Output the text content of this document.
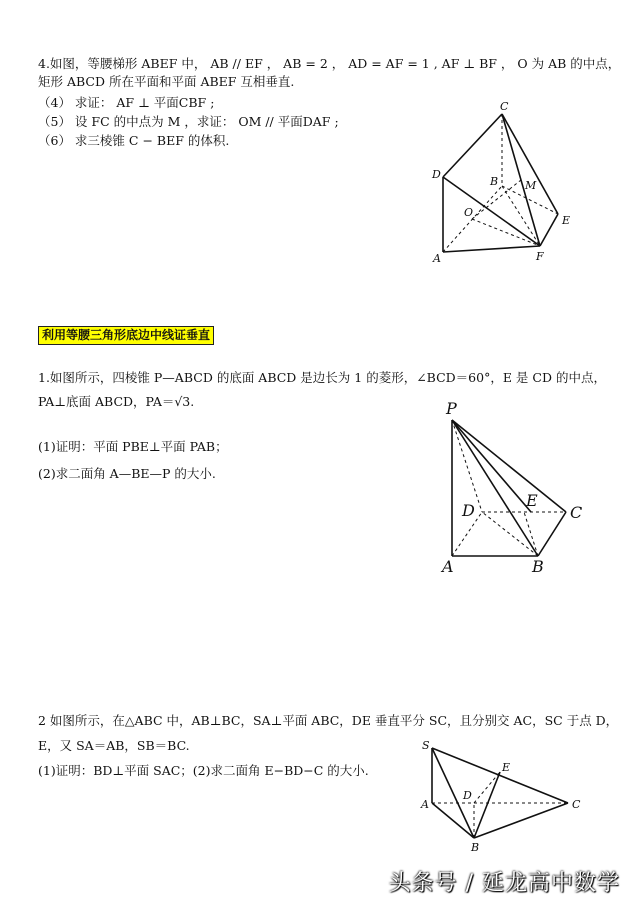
4.如图，等腰梯形 ABEF 中， AB // EF ， AB = 2 ， AD = AF = 1 , AF ⊥ BF ， O 为 AB 的中点，
矩形 ABCD 所在平面和平面 ABEF 互相垂直.
（4） 求证： AF ⊥ 平面CBF ;
（5） 设 FC 的中点为 M ，求证： OM // 平面DAF ;
（6） 求三棱锥 C − BEF 的体积.
C
D
B M
O
E
A	F
P
D
E
C
A	B
S
E
D
A	C
B
利用等腰三角形底边中线证垂直
1.如图所示，四棱锥 P—ABCD 的底面 ABCD 是边长为 1 的菱形，∠BCD＝60°，E 是 CD 的中点，
PA⊥底面 ABCD，PA＝√3.
(1)证明：平面 PBE⊥平面 PAB；
(2)求二面角 A—BE—P 的大小.
2 如图所示，在△ABC 中，AB⊥BC，SA⊥平面 ABC，DE 垂直平分 SC，且分别交 AC，SC 于点 D，
E，又 SA＝AB，SB＝BC.
(1)证明：BD⊥平面 SAC；(2)求二面角 E−BD−C 的大小.
头条号 / 延龙高中数学
